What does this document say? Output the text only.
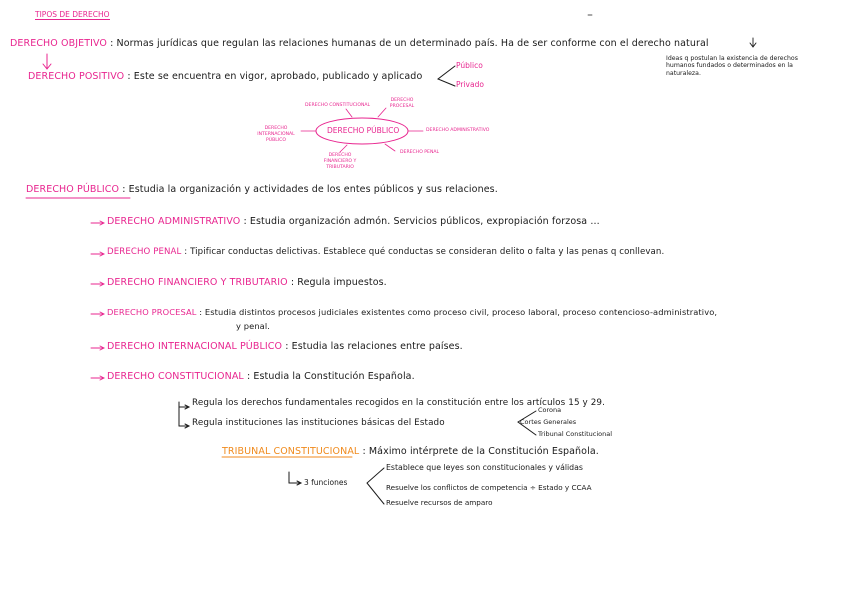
TIPOS DE DERECHO
DERECHO OBJETIVO : Normas jurídicas que regulan las relaciones humanas de un determinado país. Ha de ser conforme con el derecho natural
Ideas q postulan la existencia de derechos humanos fundados o determinados en la naturaleza.
DERECHO POSITIVO : Este se encuentra en vigor, aprobado, publicado y aplicado
Público
Privado
DERECHO PÚBLICO
DERECHO CONSTITUCIONAL
DERECHO PROCESAL
DERECHO INTERNACIONAL PÚBLICO
DERECHO ADMINISTRATIVO
DERECHO FINANCIERO Y TRIBUTARIO
DERECHO PENAL
DERECHO PÚBLICO : Estudia la organización y actividades de los entes públicos y sus relaciones.
DERECHO ADMINISTRATIVO : Estudia organización admón. Servicios públicos, expropiación forzosa ...
DERECHO PENAL : Tipificar conductas delictivas. Establece qué conductas se consideran delito o falta y las penas q conllevan.
DERECHO FINANCIERO Y TRIBUTARIO : Regula impuestos.
DERECHO PROCESAL : Estudia distintos procesos judiciales existentes como proceso civil, proceso laboral, proceso contencioso-administrativo,
y penal.
DERECHO INTERNACIONAL PÚBLICO : Estudia las relaciones entre países.
DERECHO CONSTITUCIONAL : Estudia la Constitución Española.
Regula los derechos fundamentales recogidos en la constitución entre los artículos 15 y 29.
Regula instituciones las instituciones básicas del Estado
Corona
Cortes Generales
Tribunal Constitucional
TRIBUNAL CONSTITUCIONAL : Máximo intérprete de la Constitución Española.
3 funciones
Establece que leyes son constitucionales y válidas
Resuelve los conflictos de competencia ÷ Estado y CCAA
Resuelve recursos de amparo
